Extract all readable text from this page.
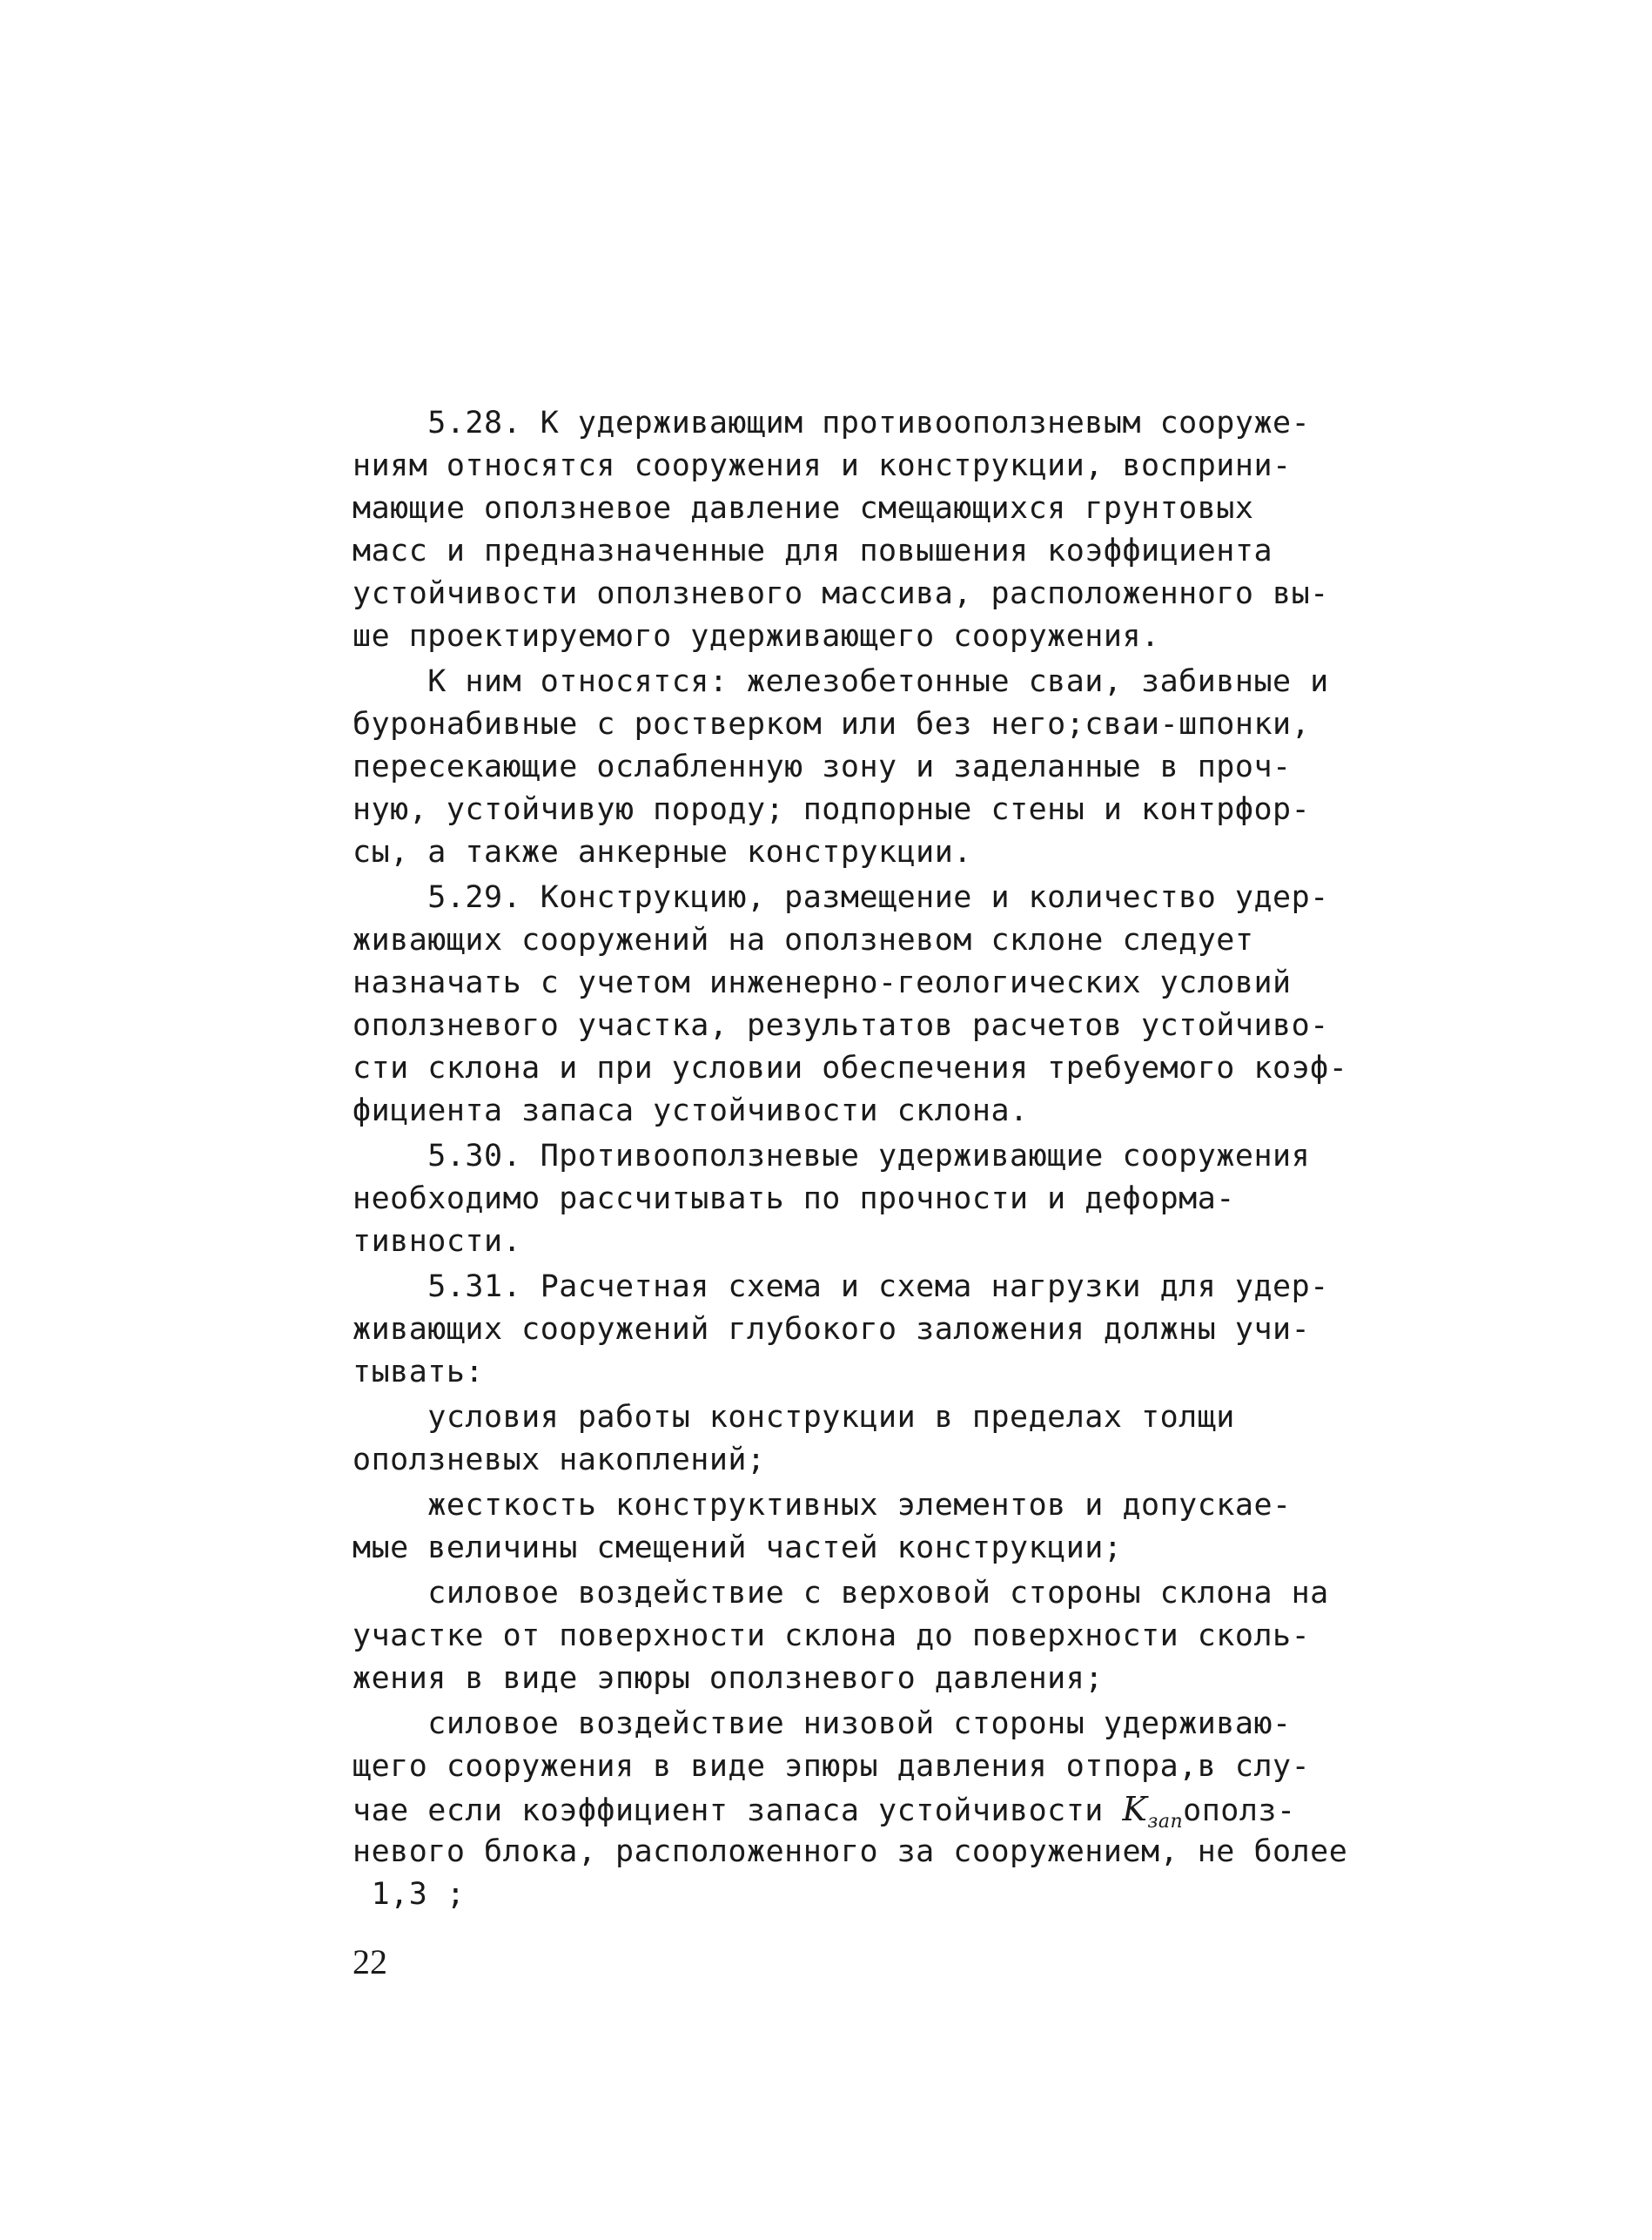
5.28. К удерживающим противооползневым сооруже-
ниям относятся сооружения и конструкции, восприни-
мающие оползневое давление смещающихся грунтовых
масс и предназначенные для повышения коэффициента
устойчивости оползневого массива, расположенного вы-
ше проектируемого удерживающего сооружения.
К ним относятся: железобетонные сваи, забивные и
буронабивные с ростверком или без него;сваи-шпонки,
пересекающие ослабленную зону и заделанные в проч-
ную, устойчивую породу; подпорные стены и контрфор-
сы, а также анкерные конструкции.
5.29. Конструкцию, размещение и количество удер-
живающих сооружений на оползневом склоне следует
назначать с учетом инженерно-геологических условий
оползневого участка, результатов расчетов устойчиво-
сти склона и при условии обеспечения требуемого коэф-
фициента запаса устойчивости склона.
5.30. Противооползневые удерживающие сооружения
необходимо рассчитывать по прочности и деформа-
тивности.
5.31. Расчетная схема и схема нагрузки для удер-
живающих сооружений глубокого заложения должны учи-
тывать:
условия работы конструкции в пределах толщи
оползневых накоплений;
жесткость конструктивных элементов и допускае-
мые величины смещений частей конструкции;
силовое воздействие с верховой стороны склона на
участке от поверхности склона до поверхности сколь-
жения в виде эпюры оползневого давления;
силовое воздействие низовой стороны удерживаю-
щего сооружения в виде эпюры давления отпора,в слу-
чае если коэффициент запаса устойчивости $K_{зап}ополз-$
невого блока, расположенного за сооружением, не более
1,3 ;
22
